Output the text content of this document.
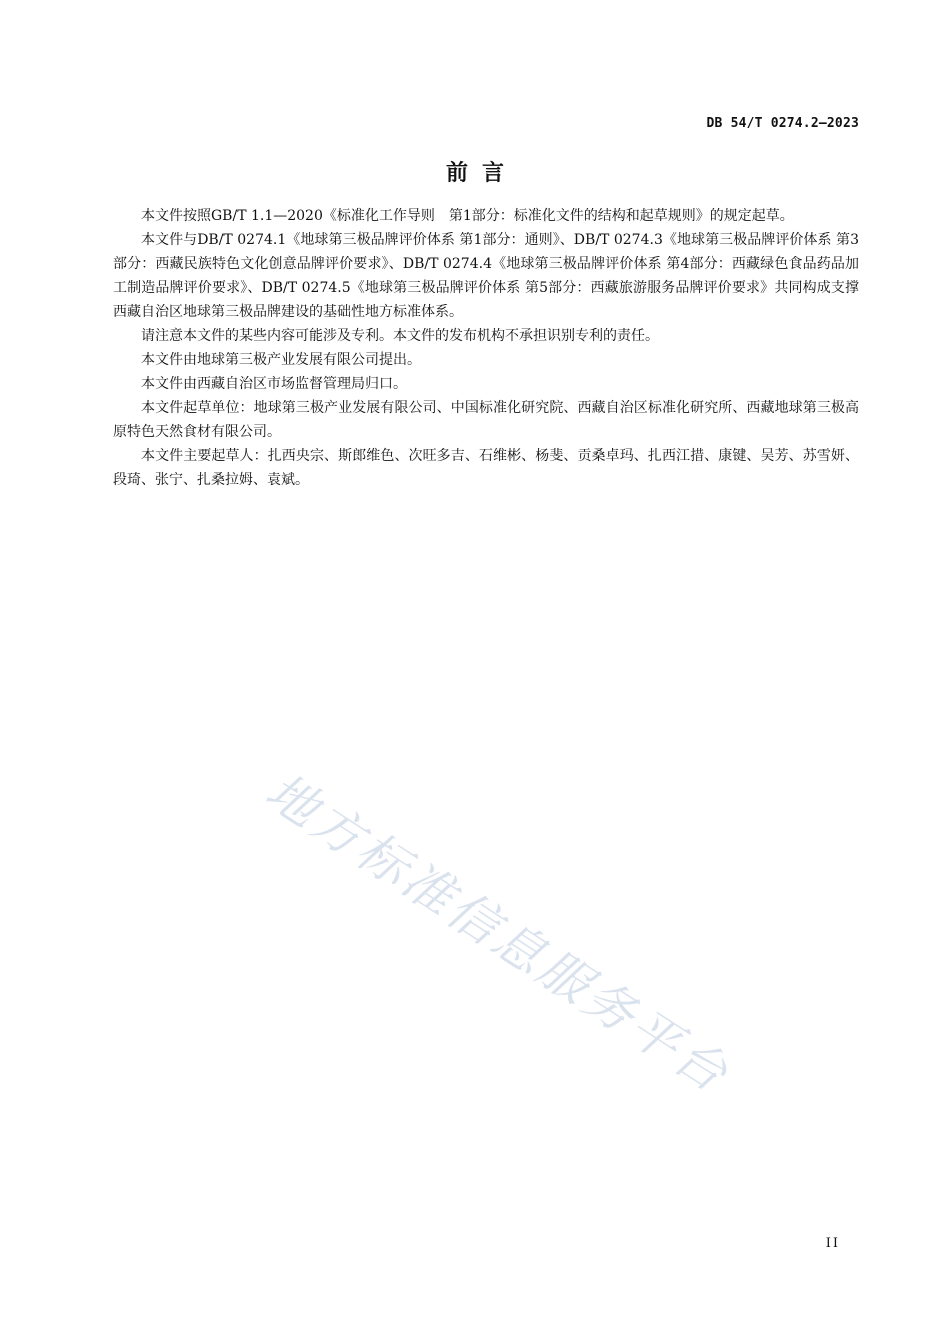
DB 54/T 0274.2—2023
前言

本文件按照GB/T 1.1—2020《标准化工作导则　第1部分：标准化文件的结构和起草规则》的规定起草。

本文件与DB/T 0274.1《地球第三极品牌评价体系 第1部分：通则》、DB/T 0274.3《地球第三极品牌评价体系 第3部分：西藏民族特色文化创意品牌评价要求》、DB/T 0274.4《地球第三极品牌评价体系 第4部分：西藏绿色食品药品加工制造品牌评价要求》、DB/T 0274.5《地球第三极品牌评价体系 第5部分：西藏旅游服务品牌评价要求》共同构成支撑西藏自治区地球第三极品牌建设的基础性地方标准体系。

请注意本文件的某些内容可能涉及专利。本文件的发布机构不承担识别专利的责任。

本文件由地球第三极产业发展有限公司提出。

本文件由西藏自治区市场监督管理局归口。

本文件起草单位：地球第三极产业发展有限公司、中国标准化研究院、西藏自治区标准化研究所、西藏地球第三极高原特色天然食材有限公司。

本文件主要起草人：扎西央宗、斯郎维色、次旺多吉、石维彬、杨斐、贡桑卓玛、扎西江措、康键、吴芳、苏雪妍、段琦、张宁、扎桑拉姆、袁斌。

地方标准信息服务平台
II
